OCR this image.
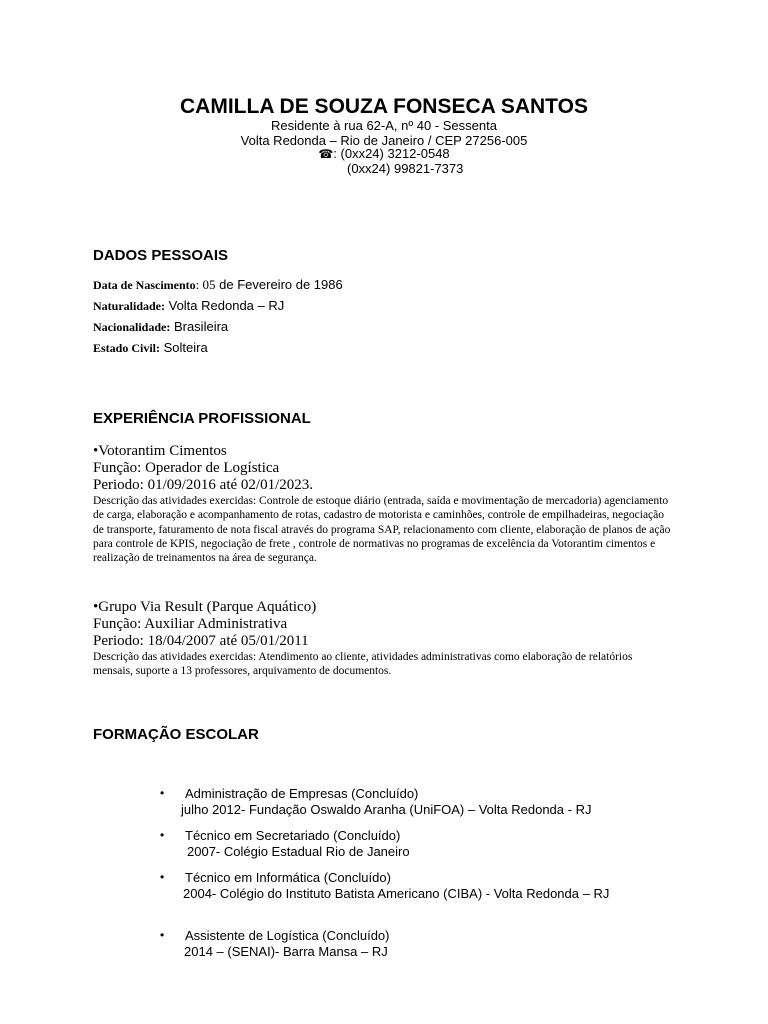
CAMILLA DE SOUZA FONSECA SANTOS
Residente à rua 62-A, nº 40 - Sessenta
Volta Redonda – Rio de Janeiro / CEP 27256-005
☎: (0xx24) 3212-0548
(0xx24) 99821-7373
DADOS PESSOAIS
Data de Nascimento: 05 de Fevereiro de 1986
Naturalidade: Volta Redonda – RJ
Nacionalidade: Brasileira
Estado Civil: Solteira
EXPERIÊNCIA PROFISSIONAL
•Votorantim Cimentos
Função: Operador de Logística
Periodo: 01/09/2016 até 02/01/2023.
Descrição das atividades exercidas: Controle de estoque diário (entrada, saída e movimentação de mercadoria) agenciamento de carga, elaboração e acompanhamento de rotas, cadastro de motorista e caminhões, controle de empilhadeiras, negociação de transporte, faturamento de nota fiscal através do programa SAP, relacionamento com cliente, elaboração de planos de ação para controle de KPIS, negociação de frete , controle de normativas no programas de excelência da Votorantim cimentos e realização de treinamentos na área de segurança.
•Grupo Via Result (Parque Aquático)
Função: Auxiliar Administrativa
Periodo: 18/04/2007 até 05/01/2011
Descrição das atividades exercidas: Atendimento ao cliente, atividades administrativas como elaboração de relatórios mensais, suporte a 13 professores, arquivamento de documentos.
FORMAÇÃO ESCOLAR
• Administração de Empresas (Concluído)
julho 2012- Fundação Oswaldo Aranha (UniFOA) – Volta Redonda - RJ
• Técnico em Secretariado (Concluído)
2007- Colégio Estadual Rio de Janeiro
• Técnico em Informática (Concluído)
2004- Colégio do Instituto Batista Americano (CIBA) - Volta Redonda – RJ
• Assistente de Logística (Concluído)
2014 – (SENAI)- Barra Mansa – RJ
